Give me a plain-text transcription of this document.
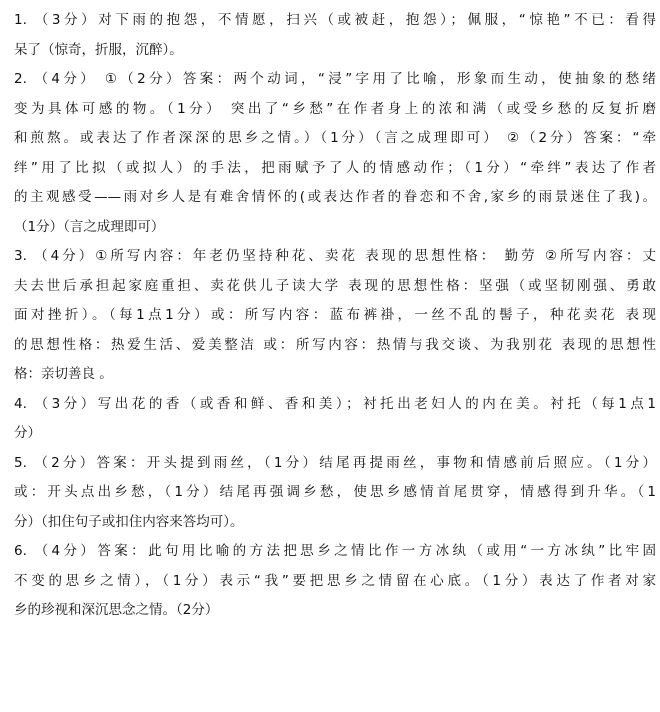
1. （3分）对下雨的抱怨，不情愿，扫兴（或被赶，抱怨）；佩服，“惊艳”不已：看得
呆了（惊奇，折服，沉醉）。
2. （4分） ①（2分）答案：两个动词，“浸”字用了比喻，形象而生动，使抽象的愁绪
变为具体可感的物。（1分） 突出了“乡愁”在作者身上的浓和满（或受乡愁的反复折磨
和煎熬。或表达了作者深深的思乡之情。）（1分）（言之成理即可） ②（2分）答案：“牵
绊”用了比拟（或拟人）的手法，把雨赋予了人的情感动作；（1分）“牵绊”表达了作者
的主观感受——雨对乡人是有难舍情怀的(或表达作者的眷恋和不舍,家乡的雨景迷住了我)。
（1分）（言之成理即可）
3. （4分）①所写内容：年老仍坚持种花、卖花 表现的思想性格： 勤劳 ②所写内容：丈
夫去世后承担起家庭重担、卖花供儿子读大学 表现的思想性格：坚强（或坚韧刚强、勇敢
面对挫折）。（每1点1分）或：所写内容：蓝布裤褂，一丝不乱的髻子，种花卖花 表现
的思想性格：热爱生活、爱美整洁 或：所写内容：热情与我交谈、为我别花 表现的思想性
格：亲切善良 。
4. （3分）写出花的香（或香和鲜、香和美）；衬托出老妇人的内在美。衬托（每1点1
分）
5. （2分）答案：开头提到雨丝，（1分）结尾再提雨丝，事物和情感前后照应。（1分）
或：开头点出乡愁，（1分）结尾再强调乡愁，使思乡感情首尾贯穿，情感得到升华。（1
分）（扣住句子或扣住内容来答均可）。
6. （4分）答案：此句用比喻的方法把思乡之情比作一方冰纨（或用“一方冰纨”比牢固
不变的思乡之情），（1分）表示“我”要把思乡之情留在心底。（1分）表达了作者对家
乡的珍视和深沉思念之情。（2分）
